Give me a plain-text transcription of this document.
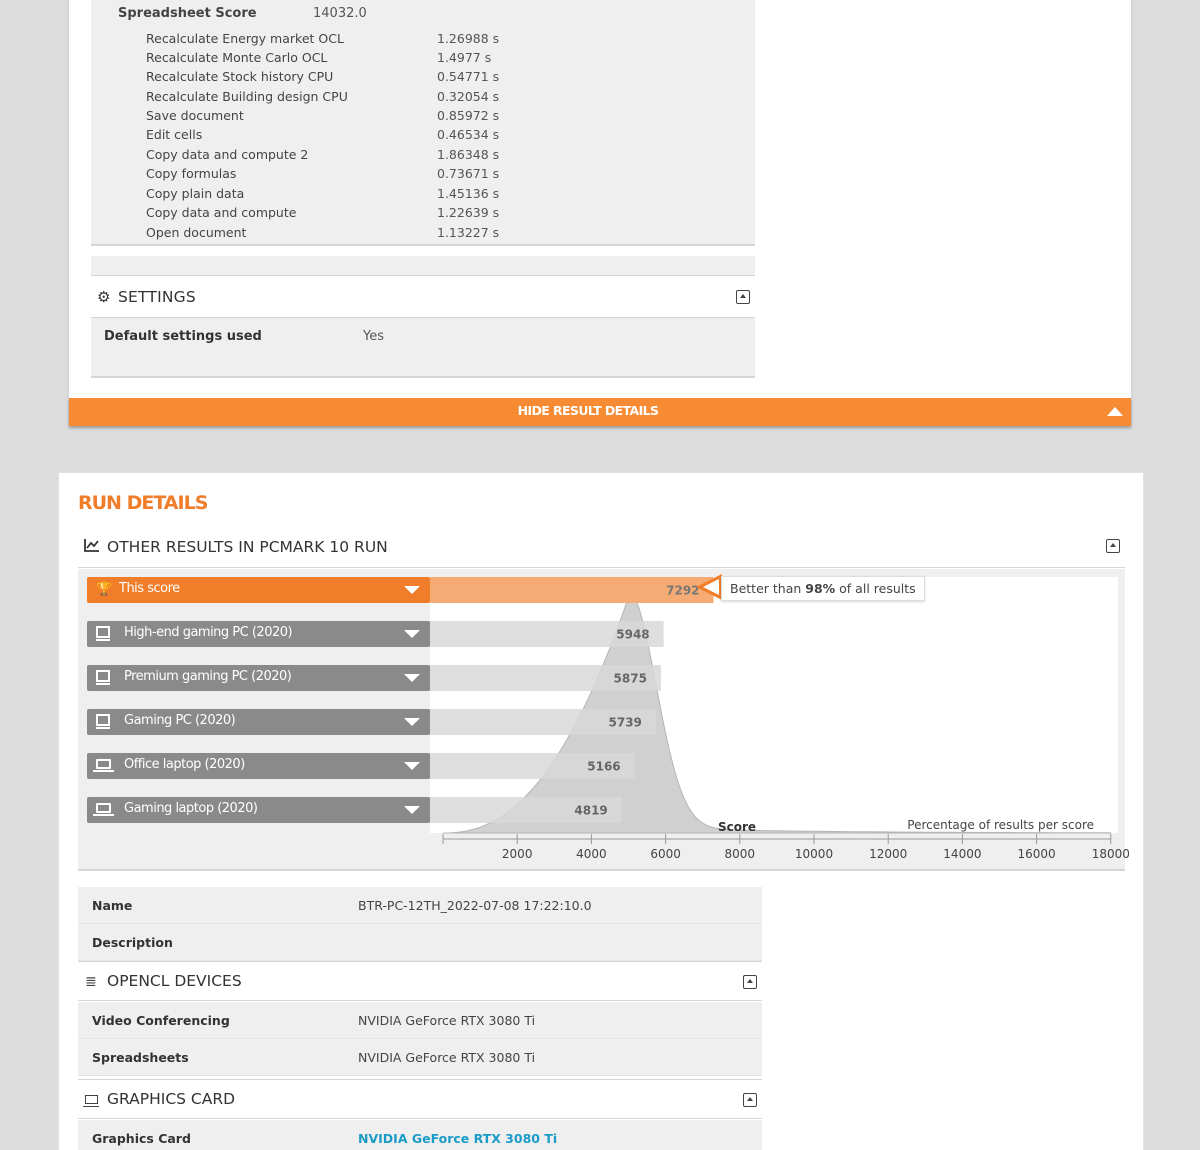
Spreadsheet Score	14032.0
Recalculate Energy market OCL	1.26988 s
Recalculate Monte Carlo OCL	1.4977 s
Recalculate Stock history CPU	0.54771 s
Recalculate Building design CPU	0.32054 s
Save document	0.85972 s
Edit cells	0.46534 s
Copy data and compute 2	1.86348 s
Copy formulas	0.73671 s
Copy plain data	1.45136 s
Copy data and compute	1.22639 s
Open document	1.13227 s
⚙ SETTINGS
Default settings used	Yes
HIDE RESULT DETAILS
RUN DETAILS
OTHER RESULTS IN PCMARK 10 RUN
7292
5948
5875
5739
5166
4819
🏆 This score
High-end gaming PC (2020)
Premium gaming PC (2020)
Gaming PC (2020)
Office laptop (2020)
Gaming laptop (2020)
Better than 98% of all results
Score	Percentage of results per score
2000	4000	6000	8000	10000	12000	14000	16000	18000
Name	BTR-PC-12TH_2022-07-08 17:22:10.0
Description
≣ OPENCL DEVICES
Video Conferencing	NVIDIA GeForce RTX 3080 Ti
Spreadsheets	NVIDIA GeForce RTX 3080 Ti
GRAPHICS CARD
Graphics Card	NVIDIA GeForce RTX 3080 Ti
